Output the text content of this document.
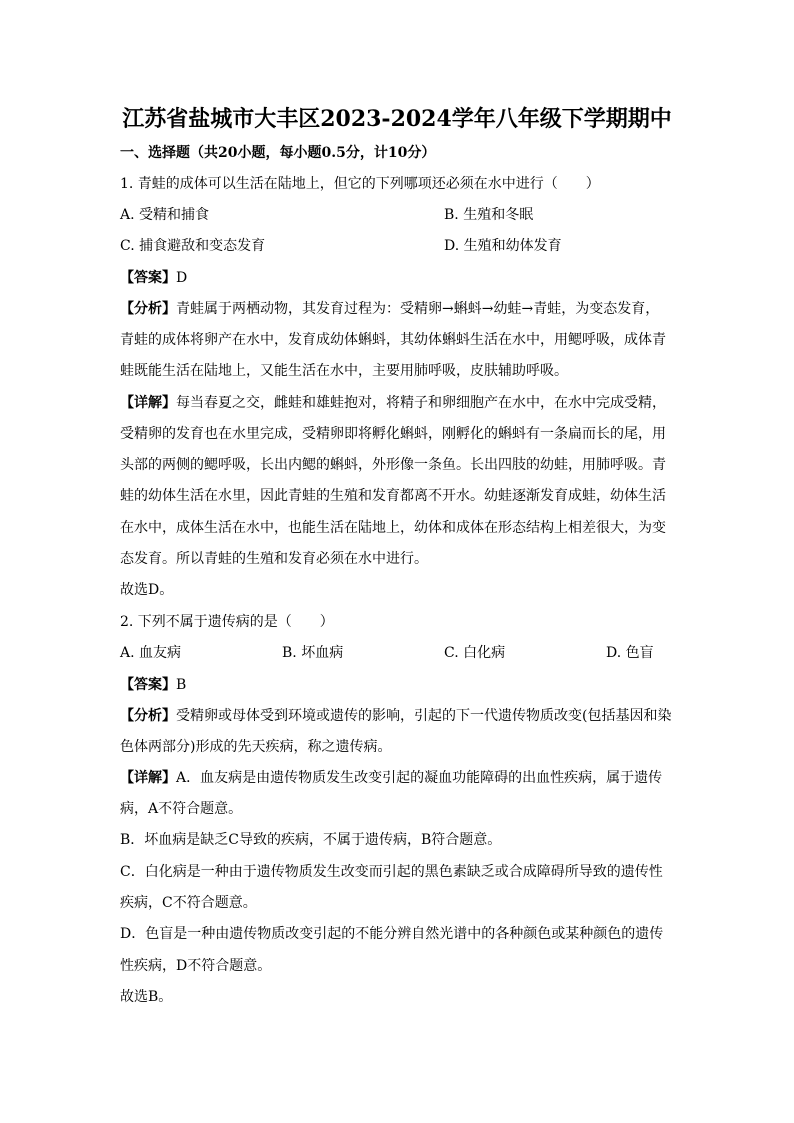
江苏省盐城市大丰区2023-2024学年八年级下学期期中
一、选择题（共20小题，每小题0.5分，计10分）
1. 青蛙的成体可以生活在陆地上，但它的下列哪项还必须在水中进行（　　）
A. 受精和捕食	B. 生殖和冬眠
C. 捕食避敌和变态发育	D. 生殖和幼体发育
【答案】D
【分析】青蛙属于两栖动物，其发育过程为：受精卵→蝌蚪→幼蛙→青蛙，为变态发育，
青蛙的成体将卵产在水中，发育成幼体蝌蚪，其幼体蝌蚪生活在水中，用鳃呼吸，成体青
蛙既能生活在陆地上，又能生活在水中，主要用肺呼吸，皮肤辅助呼吸。
【详解】每当春夏之交，雌蛙和雄蛙抱对，将精子和卵细胞产在水中，在水中完成受精，
受精卵的发育也在水里完成，受精卵即将孵化蝌蚪，刚孵化的蝌蚪有一条扁而长的尾，用
头部的两侧的鳃呼吸，长出内鳃的蝌蚪，外形像一条鱼。长出四肢的幼蛙，用肺呼吸。青
蛙的幼体生活在水里，因此青蛙的生殖和发育都离不开水。幼蛙逐渐发育成蛙，幼体生活
在水中，成体生活在水中，也能生活在陆地上，幼体和成体在形态结构上相差很大，为变
态发育。所以青蛙的生殖和发育必须在水中进行。
故选D。
2. 下列不属于遗传病的是（　　）
A. 血友病	B. 坏血病	C. 白化病	D. 色盲
【答案】B
【分析】受精卵或母体受到环境或遗传的影响，引起的下一代遗传物质改变(包括基因和染
色体两部分)形成的先天疾病，称之遗传病。
【详解】A．血友病是由遗传物质发生改变引起的凝血功能障碍的出血性疾病，属于遗传
病，A不符合题意。
B．坏血病是缺乏C导致的疾病，不属于遗传病，B符合题意。
C．白化病是一种由于遗传物质发生改变而引起的黑色素缺乏或合成障碍所导致的遗传性
疾病，C不符合题意。
D．色盲是一种由遗传物质改变引起的不能分辨自然光谱中的各种颜色或某种颜色的遗传
性疾病，D不符合题意。
故选B。
